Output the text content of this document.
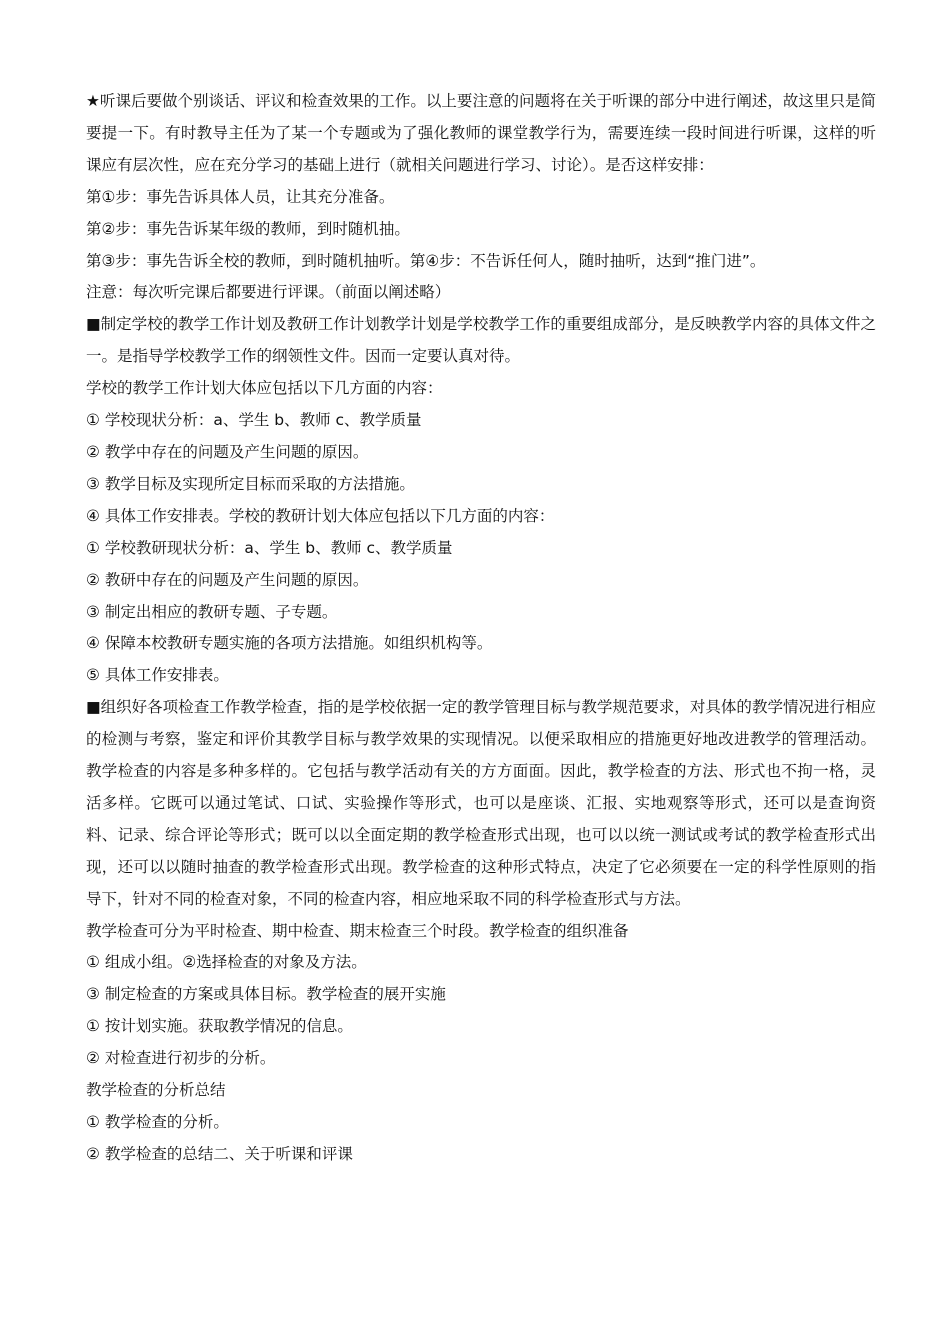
★听课后要做个别谈话、评议和检查效果的工作。以上要注意的问题将在关于听课的部分中进行阐述，故这里只是简要提一下。有时教导主任为了某一个专题或为了强化教师的课堂教学行为，需要连续一段时间进行听课，这样的听课应有层次性，应在充分学习的基础上进行（就相关问题进行学习、讨论）。是否这样安排：

第①步：事先告诉具体人员，让其充分准备。

第②步：事先告诉某年级的教师，到时随机抽。

第③步：事先告诉全校的教师，到时随机抽听。第④步：不告诉任何人，随时抽听，达到“推门进”。

注意：每次听完课后都要进行评课。（前面以阐述略）

■制定学校的教学工作计划及教研工作计划教学计划是学校教学工作的重要组成部分，是反映教学内容的具体文件之一。是指导学校教学工作的纲领性文件。因而一定要认真对待。

学校的教学工作计划大体应包括以下几方面的内容：

① 学校现状分析：a、学生 b、教师 c、教学质量

② 教学中存在的问题及产生问题的原因。

③ 教学目标及实现所定目标而采取的方法措施。

④ 具体工作安排表。学校的教研计划大体应包括以下几方面的内容：

① 学校教研现状分析：a、学生 b、教师 c、教学质量

② 教研中存在的问题及产生问题的原因。

③ 制定出相应的教研专题、子专题。

④ 保障本校教研专题实施的各项方法措施。如组织机构等。

⑤ 具体工作安排表。

■组织好各项检查工作教学检查，指的是学校依据一定的教学管理目标与教学规范要求，对具体的教学情况进行相应的检测与考察，鉴定和评价其教学目标与教学效果的实现情况。以便采取相应的措施更好地改进教学的管理活动。教学检查的内容是多种多样的。它包括与教学活动有关的方方面面。因此，教学检查的方法、形式也不拘一格，灵活多样。它既可以通过笔试、口试、实验操作等形式，也可以是座谈、汇报、实地观察等形式，还可以是查询资料、记录、综合评论等形式；既可以以全面定期的教学检查形式出现，也可以以统一测试或考试的教学检查形式出现，还可以以随时抽查的教学检查形式出现。教学检查的这种形式特点，决定了它必须要在一定的科学性原则的指导下，针对不同的检查对象，不同的检查内容，相应地采取不同的科学检查形式与方法。

教学检查可分为平时检查、期中检查、期末检查三个时段。教学检查的组织准备

① 组成小组。②选择检查的对象及方法。

③ 制定检查的方案或具体目标。教学检查的展开实施

① 按计划实施。获取教学情况的信息。

② 对检查进行初步的分析。

教学检查的分析总结

① 教学检查的分析。

② 教学检查的总结二、关于听课和评课
